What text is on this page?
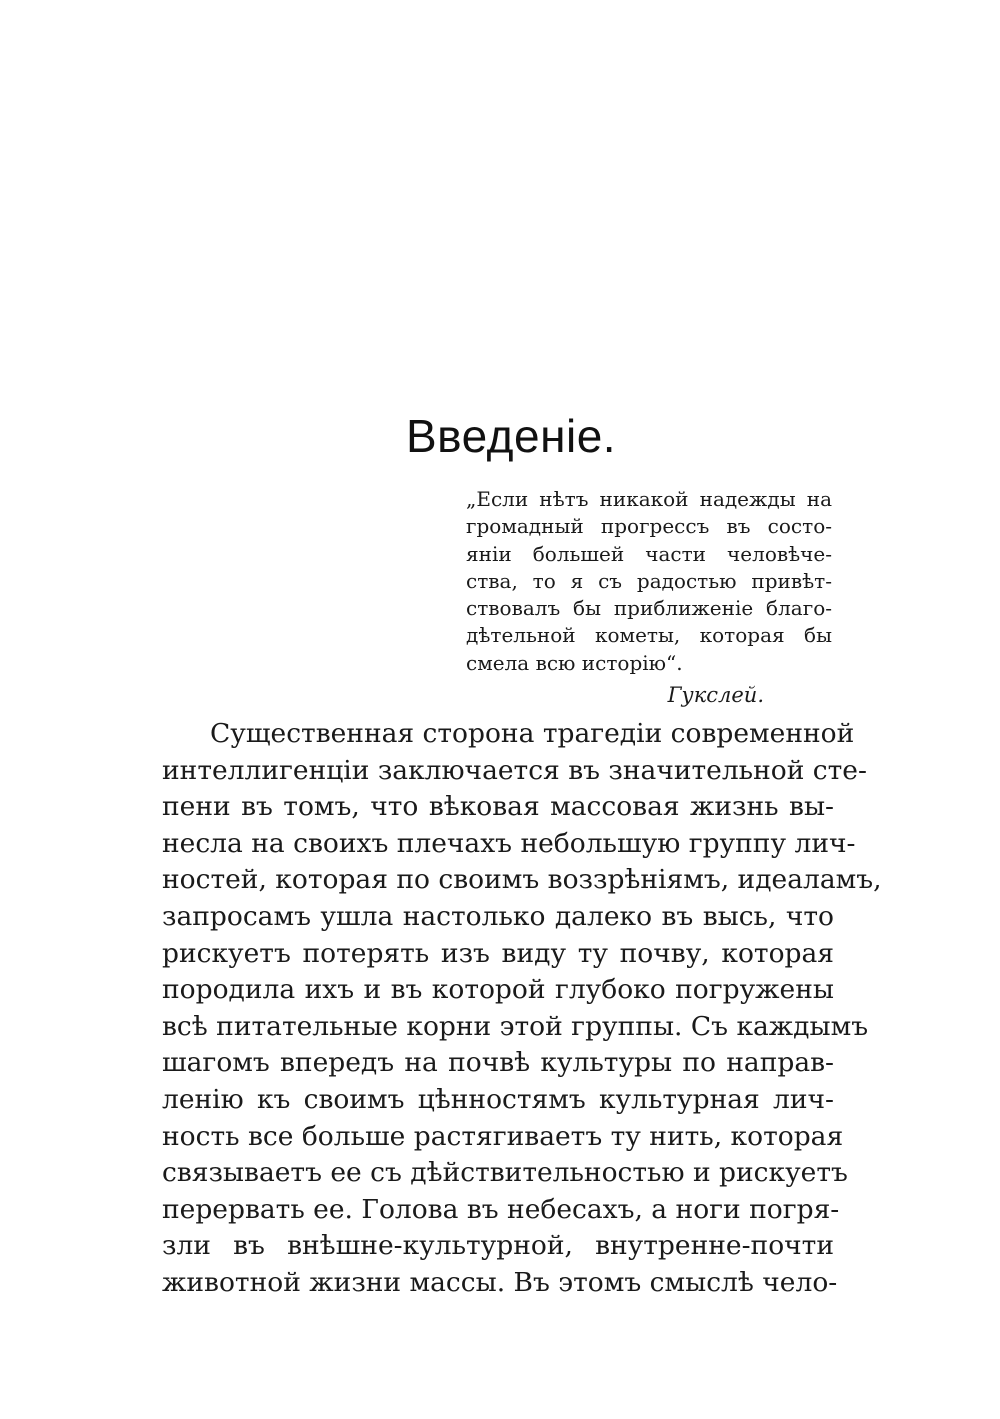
Введеніе.
„Если нѣтъ никакой надежды на
громадный прогрессъ въ состо-
яніи большей части человѣче-
ства, то я съ радостью привѣт-
ствовалъ бы приближеніе благо-
дѣтельной кометы, которая бы
смела всю исторію“.
Гукслей.
Существенная сторона трагедіи современной
интеллигенціи заключается въ значительной сте-
пени въ томъ, что вѣковая массовая жизнь вы-
несла на своихъ плечахъ небольшую группу лич-
ностей, которая по своимъ воззрѣніямъ, идеаламъ,
запросамъ ушла настолько далеко въ высь, что
рискуетъ потерять изъ виду ту почву, которая
породила ихъ и въ которой глубоко погружены
всѣ питательные корни этой группы. Съ каждымъ
шагомъ впередъ на почвѣ культуры по направ-
ленію къ своимъ цѣнностямъ культурная лич-
ность все больше растягиваетъ ту нить, которая
связываетъ ее съ дѣйствительностью и рискуетъ
перервать ее. Голова въ небесахъ, а ноги погря-
зли въ внѣшне-культурной, внутренне-почти
животной жизни массы. Въ этомъ смыслѣ чело-
